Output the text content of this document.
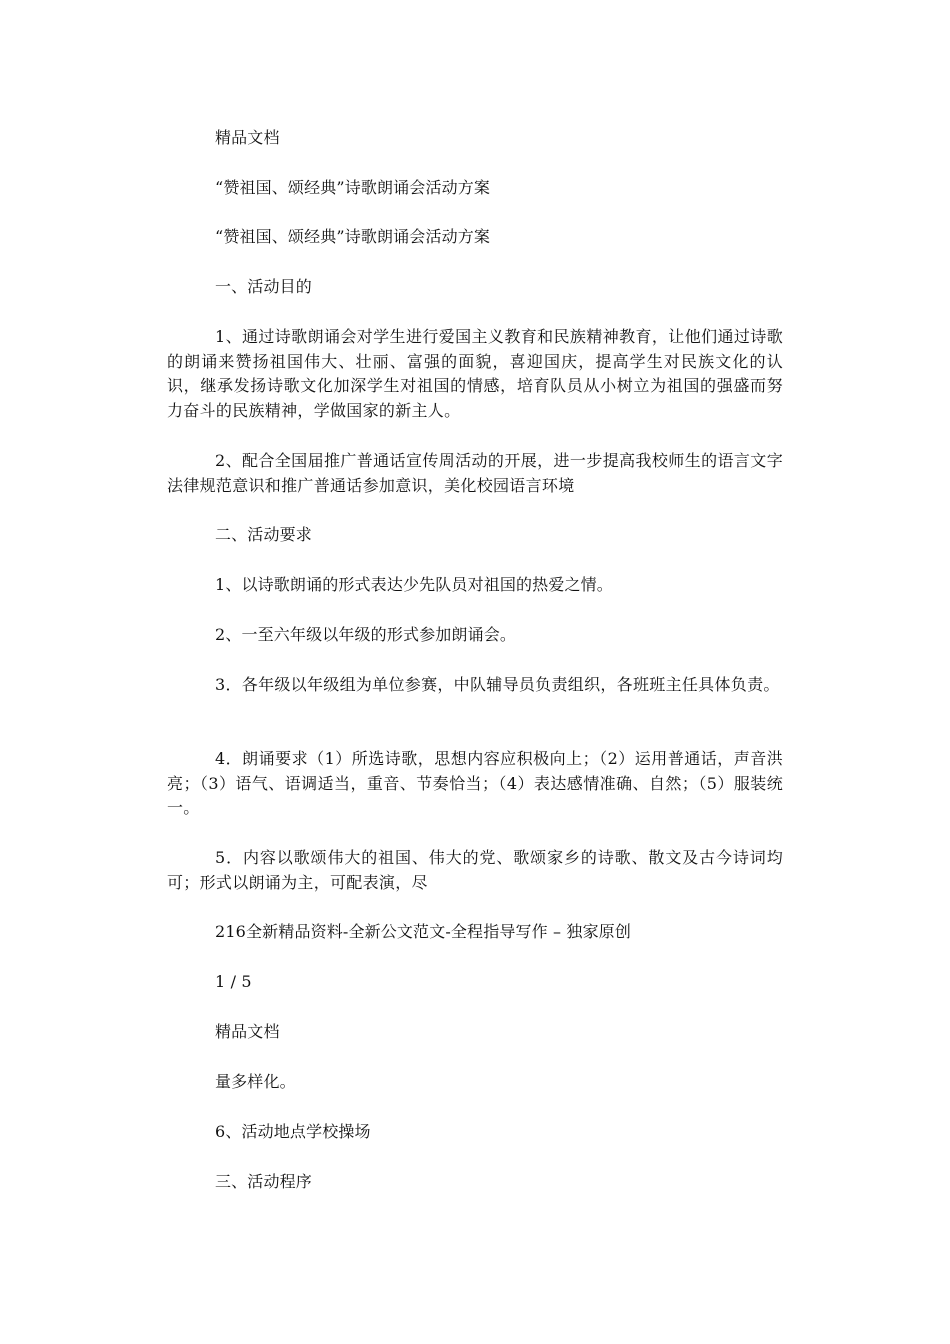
精品文档
“赞祖国、颂经典”诗歌朗诵会活动方案
“赞祖国、颂经典”诗歌朗诵会活动方案
一、活动目的
1、通过诗歌朗诵会对学生进行爱国主义教育和民族精神教育，让他们通过诗歌的朗诵来赞扬祖国伟大、壮丽、富强的面貌，喜迎国庆，提高学生对民族文化的认识，继承发扬诗歌文化加深学生对祖国的情感，培育队员从小树立为祖国的强盛而努力奋斗的民族精神，学做国家的新主人。
2、配合全国届推广普通话宣传周活动的开展，进一步提高我校师生的语言文字法律规范意识和推广普通话参加意识，美化校园语言环境
二、活动要求
1、以诗歌朗诵的形式表达少先队员对祖国的热爱之情。
2、一至六年级以年级的形式参加朗诵会。
3．各年级以年级组为单位参赛，中队辅导员负责组织，各班班主任具体负责。
4．朗诵要求（1）所选诗歌，思想内容应积极向上；（2）运用普通话，声音洪亮；（3）语气、语调适当，重音、节奏恰当；（4）表达感情准确、自然；（5）服装统一。
5．内容以歌颂伟大的祖国、伟大的党、歌颂家乡的诗歌、散文及古今诗词均可；形式以朗诵为主，可配表演，尽
216全新精品资料-全新公文范文-全程指导写作 – 独家原创
1 / 5
精品文档
量多样化。
6、活动地点学校操场
三、活动程序
